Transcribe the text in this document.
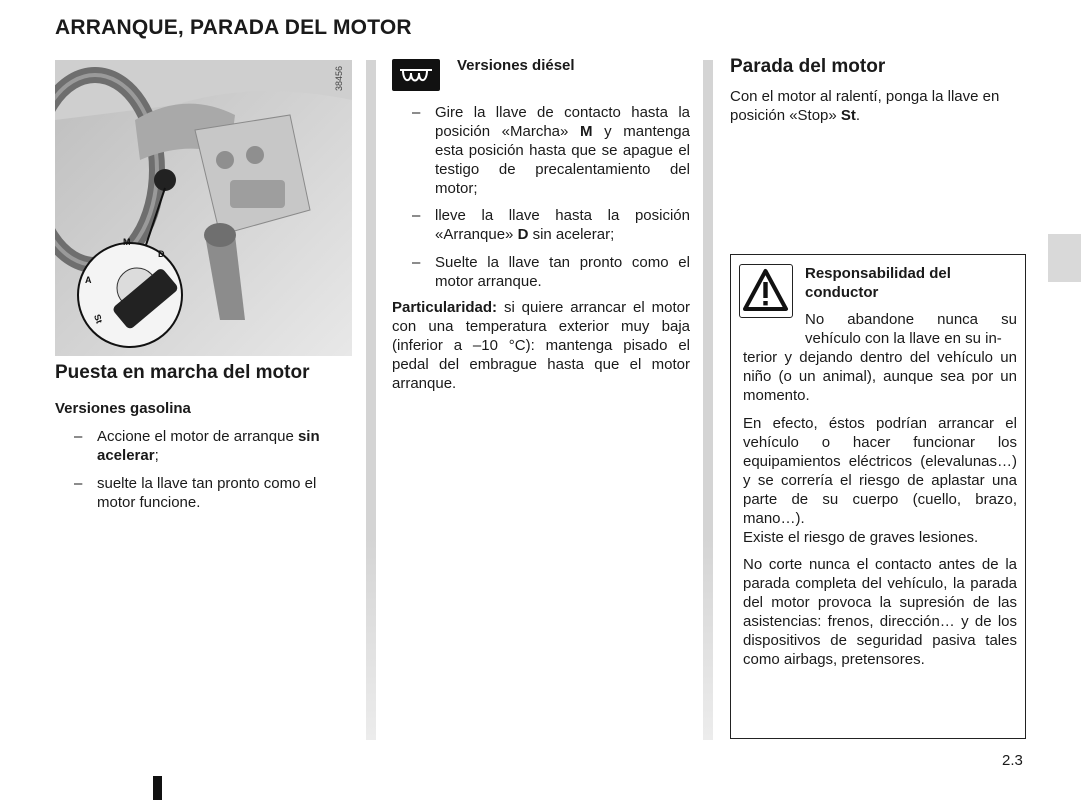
ARRANQUE, PARADA DEL MOTOR
M
D
A
St
38456
Puesta en marcha del motor
Versiones gasolina
– Accione el motor de arranque sin acelerar;
– suelte la llave tan pronto como el motor funcione.
Versiones diésel
– Gire la llave de contacto hasta la posición «Marcha» M y mantenga esta posición hasta que se apague el testigo de precalentamiento del motor;
– lleve la llave hasta la posición «Arranque» D sin acelerar;
– Suelte la llave tan pronto como el motor arranque.
Particularidad: si quiere arrancar el motor con una temperatura exterior muy baja (inferior a –10 °C): mantenga pisado el pedal del embrague hasta que el motor arranque.
Parada del motor
Con el motor al ralentí, ponga la llave en posición «Stop» St.
Responsabilidad del conductor
No abandone nunca su vehículo con la llave en su in-
terior y dejando dentro del vehículo un niño (o un animal), aunque sea por un momento.
En efecto, éstos podrían arrancar el vehículo o hacer funcionar los equipamientos eléctricos (elevalunas…) y se correría el riesgo de aplastar una parte de su cuerpo (cuello, brazo, mano…).
Existe el riesgo de graves lesiones.
No corte nunca el contacto antes de la parada completa del vehículo, la parada del motor provoca la supresión de las asistencias: frenos, dirección… y de los dispositivos de seguridad pasiva tales como airbags, pretensores.
2.3
